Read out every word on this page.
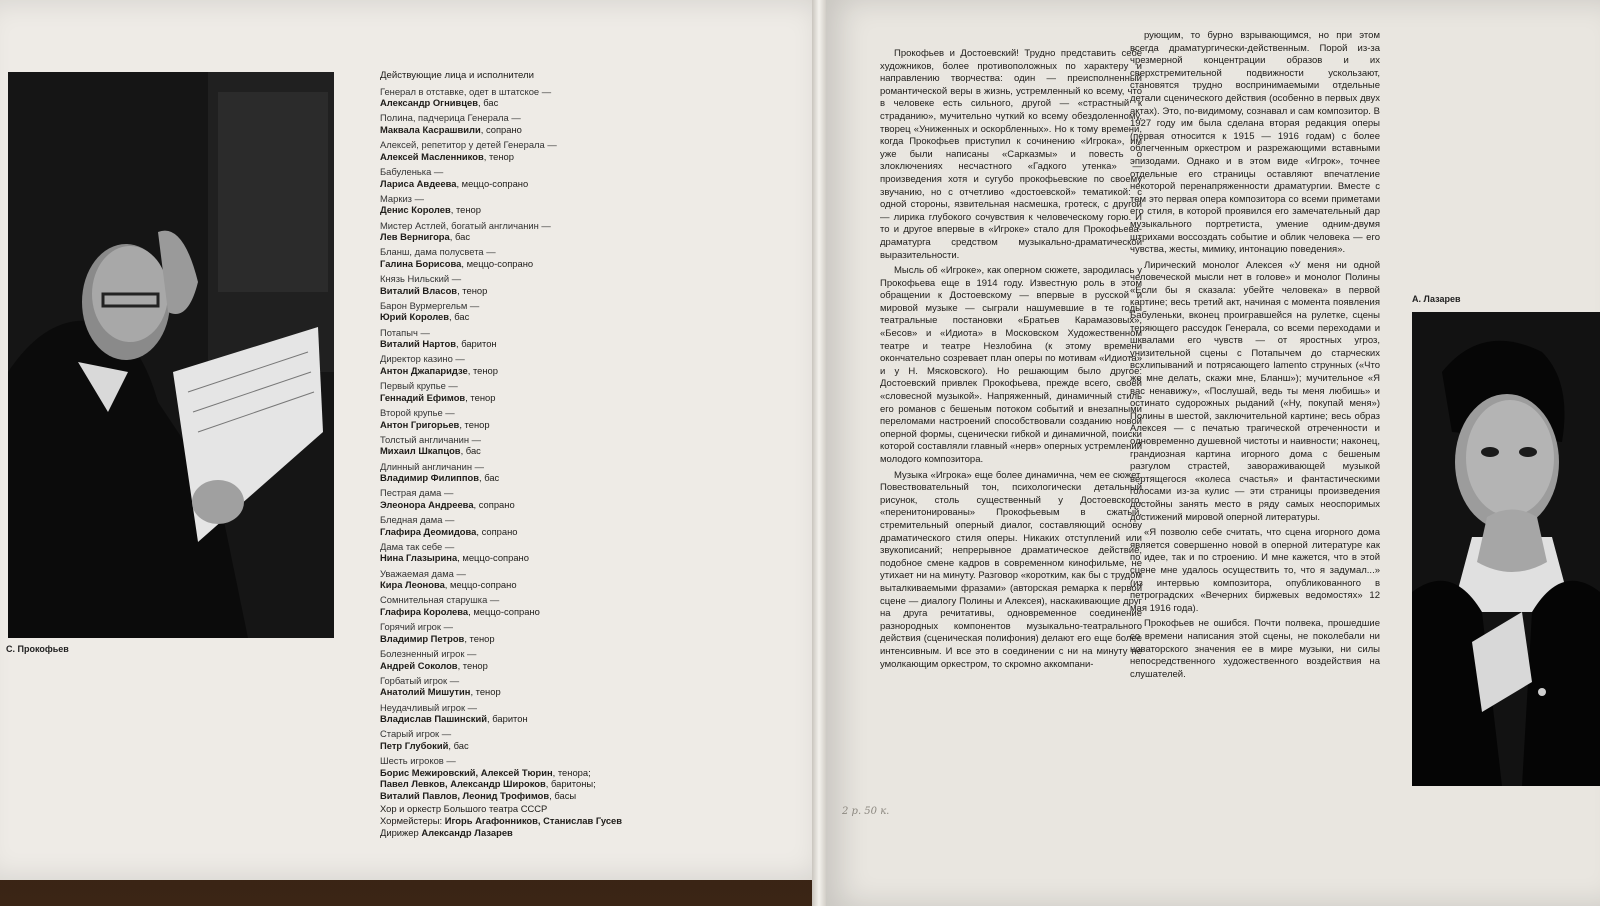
С. Прокофьев
Действующие лица и исполнители
Генерал в отставке, одет в штатское —
Александр Огнивцев, бас
Полина, падчерица Генерала —
Маквала Касрашвили, сопрано
Алексей, репетитор у детей Генерала —
Алексей Масленников, тенор
Бабуленька —
Лариса Авдеева, меццо-сопрано
Маркиз —
Денис Королев, тенор
Мистер Астлей, богатый англичанин —
Лев Вернигора, бас
Бланш, дама полусвета —
Галина Борисова, меццо-сопрано
Князь Нильский —
Виталий Власов, тенор
Барон Вурмергельм —
Юрий Королев, бас
Потапыч —
Виталий Нартов, баритон
Директор казино —
Антон Джапаридзе, тенор
Первый крупье —
Геннадий Ефимов, тенор
Второй крупье —
Антон Григорьев, тенор
Толстый англичанин —
Михаил Шкапцов, бас
Длинный англичанин —
Владимир Филиппов, бас
Пестрая дама —
Элеонора Андреева, сопрано
Бледная дама —
Глафира Деомидова, сопрано
Дама так себе —
Нина Глазырина, меццо-сопрано
Уважаемая дама —
Кира Леонова, меццо-сопрано
Сомнительная старушка —
Глафира Королева, меццо-сопрано
Горячий игрок —
Владимир Петров, тенор
Болезненный игрок —
Андрей Соколов, тенор
Горбатый игрок —
Анатолий Мишутин, тенор
Неудачливый игрок —
Владислав Пашинский, баритон
Старый игрок —
Петр Глубокий, бас
Шесть игроков —
Борис Межировский, Алексей Тюрин, тенора;
Павел Левков, Александр Широков, баритоны;
Виталий Павлов, Леонид Трофимов, басы
Хор и оркестр Большого театра СССР
Хормейстеры: Игорь Агафонников, Станислав Гусев
Дирижер Александр Лазарев

Прокофьев и Достоевский! Трудно представить себе художников, более противоположных по характеру и направлению творчества: один — преисполненный романтической веры в жизнь, устремленный ко всему, что в человеке есть сильного, другой — «страстный к страданию», мучительно чуткий ко всему обездоленному, творец «Униженных и оскорбленных». Но к тому времени, когда Прокофьев приступил к сочинению «Игрока», им уже были написаны «Сарказмы» и повесть о злоключениях несчастного «Гадкого утенка» — произведения хотя и сугубо прокофьевские по своему звучанию, но с отчетливо «достоевской» тематикой: с одной стороны, язвительная насмешка, гротеск, с другой — лирика глубокого сочувствия к человеческому горю. И то и другое впервые в «Игроке» стало для Прокофьева-драматурга средством музыкально-драматической выразительности.

Мысль об «Игроке», как оперном сюжете, зародилась у Прокофьева еще в 1914 году. Известную роль в этом обращении к Достоевскому — впервые в русской и мировой музыке — сыграли нашумевшие в те годы театральные постановки «Братьев Карамазовых», «Бесов» и «Идиота» в Московском Художественном театре и театре Незлобина (к этому времени окончательно созревает план оперы по мотивам «Идиота» и у Н. Мясковского). Но решающим было другое: Достоевский привлек Прокофьева, прежде всего, своей «словесной музыкой». Напряженный, динамичный стиль его романов с бешеным потоком событий и внезапными переломами настроений способствовали созданию новой оперной формы, сценически гибкой и динамичной, поиски которой составляли главный «нерв» оперных устремлений молодого композитора.

Музыка «Игрока» еще более динамична, чем ее сюжет. Повествовательный тон, психологически детальный рисунок, столь существенный у Достоевского, «перенитонированы» Прокофьевым в сжатый, стремительный оперный диалог, составляющий основу драматического стиля оперы. Никаких отступлений или звукописаний; непрерывное драматическое действие, подобное смене кадров в современном кинофильме, не утихает ни на минуту. Разговор «коротким, как бы с трудом выталкиваемыми фразами» (авторская ремарка к первой сцене — диалогу Полины и Алексея), наскакивающие друг на друга речитативы, одновременное соединение разнородных компонентов музыкально-театрального действия (сценическая полифония) делают его еще более интенсивным. И все это в соединении с ни на минуту не умолкающим оркестром, то скромно аккомпани-

рующим, то бурно взрывающимся, но при этом всегда драматургически-действенным. Порой из-за чрезмерной концентрации образов и их сверхстремительной подвижности ускользают, становятся трудно воспринимаемыми отдельные детали сценического действия (особенно в первых двух актах). Это, по-видимому, сознавал и сам композитор. В 1927 году им была сделана вторая редакция оперы (первая относится к 1915 — 1916 годам) с более облегченным оркестром и разрежающими вставными эпизодами. Однако и в этом виде «Игрок», точнее отдельные его страницы оставляют впечатление некоторой перенапряженности драматургии. Вместе с тем это первая опера композитора со всеми приметами его стиля, в которой проявился его замечательный дар музыкального портретиста, умение одним-двумя штрихами воссоздать событие и облик человека — его чувства, жесты, мимику, интонацию поведения».

Лирический монолог Алексея «У меня ни одной человеческой мысли нет в голове» и монолог Полины «Если бы я сказала: убейте человека» в первой картине; весь третий акт, начиная с момента появления Бабуленьки, вконец проигравшейся на рулетке, сцены теряющего рассудок Генерала, со всеми переходами и шквалами его чувств — от яростных угроз, унизительной сцены с Потапычем до старческих всхлипываний и потрясающего lamento струнных («Что же мне делать, скажи мне, Бланш»); мучительное «Я вас ненавижу», «Послушай, ведь ты меня любишь» и остинато судорожных рыданий («Ну, покупай меня») Полины в шестой, заключительной картине; весь образ Алексея — с печатью трагической отреченности и одновременно душевной чистоты и наивности; наконец, грандиозная картина игорного дома с бешеным разгулом страстей, завораживающей музыкой вертящегося «колеса счастья» и фантастическими голосами из-за кулис — эти страницы произведения достойны занять место в ряду самых неоспоримых достижений мировой оперной литературы.

«Я позволю себе считать, что сцена игорного дома является совершенно новой в оперной литературе как по идее, так и по строению. И мне кажется, что в этой сцене мне удалось осуществить то, что я задумал...» (из интервью композитора, опубликованного в петроградских «Вечерних биржевых ведомостях» 12 мая 1916 года).

Прокофьев не ошибся. Почти полвека, прошедшие со времени написания этой сцены, не поколебали ни новаторского значения ее в мире музыки, ни силы непосредственного художественного воздействия на слушателей.

2 р. 50 к.
А. Лазарев
